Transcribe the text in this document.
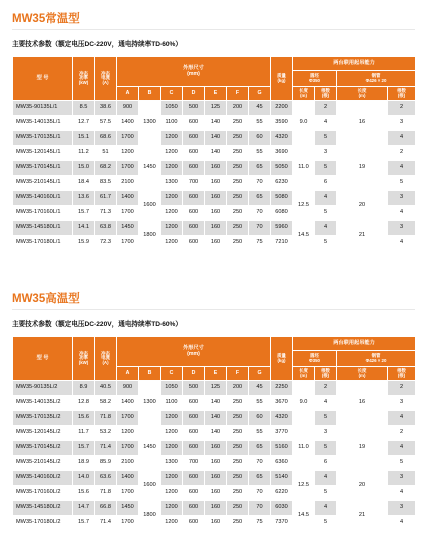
MW35常温型
主要技术参数（额定电压DC-220V，通电持续率TD-60%）
型 号	冷态
功率
(kW)	冷态
电流
(A)	外形尺寸
(mm)							质量
(kg)	两台联用起吊能力			
											圆坯
Φ350		钢管
Φ426 × 20	
			A	B	C	D	E	F	G		长度
(m)	根数
(根)	长度
(m)	根数
(根)
MW35-90135L/1	8.5	38.6	900	1300	1050	500	125	200	45	2200	9.0	2	16	2
MW35-140135L/1	12.7	57.5	1400		1100	600	140	250	55	3590		4		3
MW35-170135L/1	15.1	68.6	1700		1200	600	140	250	60	4320		5		4
MW35-120145L/1	11.2	51	1200	1450	1200	600	140	250	55	3690	11.0	3	19	2
MW35-170145L/1	15.0	68.2	1700		1200	600	160	250	65	5050		5		4
MW35-210145L/1	18.4	83.5	2100		1300	700	160	250	70	6230		6		5
MW35-140160L/1	13.6	61.7	1400	1600	1200	600	160	250	65	5080	12.5	4	20	3
MW35-170160L/1	15.7	71.3	1700		1200	600	160	250	70	6080		5		4
MW35-145180L/1	14.1	63.8	1450	1800	1200	600	160	250	70	5960	14.5	4	21	3
MW35-170180L/1	15.9	72.3	1700		1200	600	160	250	75	7210		5		4
MW35高温型
主要技术参数（额定电压DC-220V，通电持续率TD-60%）
型 号	冷态
功率
(kW)	冷态
电流
(A)	外形尺寸
(mm)							质量
(kg)	两台联用起吊能力			
											圆坯
Φ350		钢管
Φ426 × 20	
			A	B	C	D	E	F	G		长度
(m)	根数
(根)	长度
(m)	根数
(根)
MW35-90135L/2	8.9	40.5	900	1300	1050	500	125	200	45	2250	9.0	2	16	2
MW35-140135L/2	12.8	58.2	1400		1100	600	140	250	55	3670		4		3
MW35-170135L/2	15.6	71.8	1700		1200	600	140	250	60	4320		5		4
MW35-120145L/2	11.7	53.2	1200	1450	1200	600	140	250	55	3770	11.0	3	19	2
MW35-170145L/2	15.7	71.4	1700		1200	600	160	250	65	5160		5		4
MW35-210145L/2	18.9	85.9	2100		1300	700	160	250	70	6360		6		5
MW35-140160L/2	14.0	63.6	1400	1600	1200	600	160	250	65	5140	12.5	4	20	3
MW35-170160L/2	15.6	71.8	1700		1200	600	160	250	70	6220		5		4
MW35-145180L/2	14.7	66.8	1450	1800	1200	600	160	250	70	6030	14.5	4	21	3
MW35-170180L/2	15.7	71.4	1700		1200	600	160	250	75	7370		5		4
